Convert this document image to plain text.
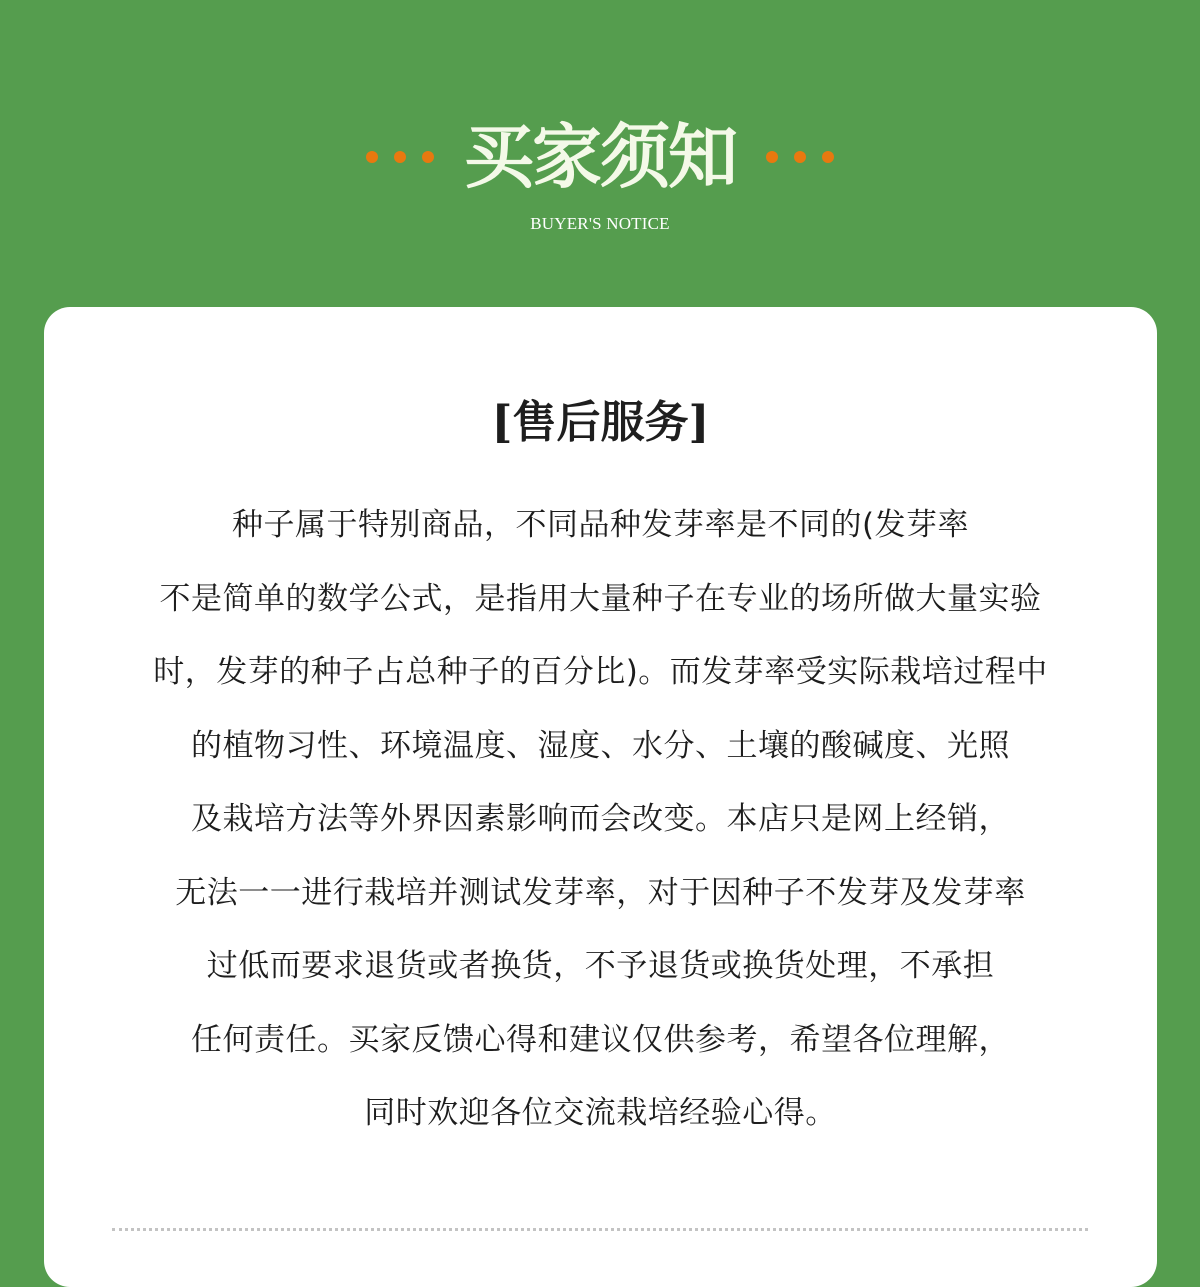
买家须知
BUYER'S NOTICE
[售后服务]
种子属于特别商品，不同品种发芽率是不同的(发芽率
不是简单的数学公式，是指用大量种子在专业的场所做大量实验
时，发芽的种子占总种子的百分比)。而发芽率受实际栽培过程中
的植物习性、环境温度、湿度、水分、土壤的酸碱度、光照
及栽培方法等外界因素影响而会改变。本店只是网上经销，
无法一一进行栽培并测试发芽率，对于因种子不发芽及发芽率
过低而要求退货或者换货，不予退货或换货处理，不承担
任何责任。买家反馈心得和建议仅供参考，希望各位理解，
同时欢迎各位交流栽培经验心得。
